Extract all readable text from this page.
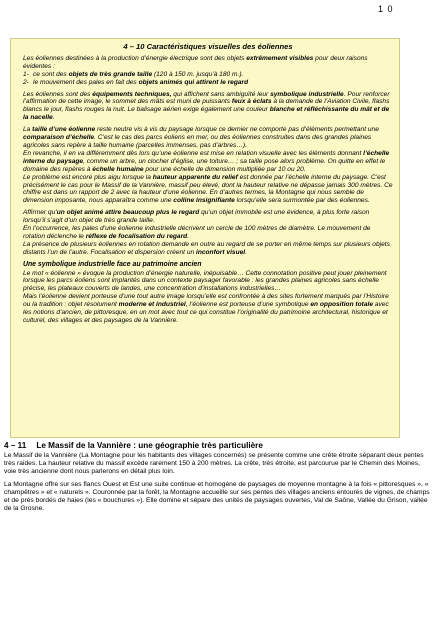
1 0
4 – 10 Caractéristiques visuelles des éoliennes

Les éoliennes destinées à la production d’énergie électrique sont des objets extrêmement visibles pour deux raisons évidentes :

1- ce sont des objets de très grande taille (120 à 150 m. jusqu’à 180 m.).
2- le mouvement des pales en fait des objets animés qui attirent le regard

Les éoliennes sont des équipements techniques, qui affichent sans ambiguïté leur symbolique industrielle. Pour renforcer l’affirmation de cette image, le sommet des mâts est muni de puissants feux à éclats à la demande de l’Aviation Civile, flashs blancs le jour, flashs rouges la nuit. Le balisage aérien exige également une couleur blanche et réfléchissante du mât et de la nacelle.

La taille d’une éolienne reste neutre vis à vis du paysage lorsque ce dernier ne comporte pas d’éléments permettant une comparaison d’échelle. C’est le cas des parcs éoliens en mer, ou des éoliennes construites dans des grandes plaines agricoles sans repère à taille humaine (parcelles immenses, pas d’arbres…).

En revanche, il en va différemment dès lors qu’une éolienne est mise en relation visuelle avec les éléments donnant l’échelle interne du paysage, comme un arbre, un clocher d’église, une toiture… ; sa taille pose alors problème. On quitte en effet le domaine des repères à échelle humaine pour une échelle de dimension multipliée par 10 ou 20.

Le problème est encore plus aigu lorsque la hauteur apparente du relief est donnée par l’échelle interne du paysage. C’est précisément le cas pour le Massif de la Vannière, massif peu élevé, dont la hauteur relative ne dépasse jamais 300 mètres. Ce chiffre est dans un rapport de 2 avec la hauteur d’une éolienne. En d’autres termes, la Montagne qui nous semble de dimension imposante, nous apparaîtra comme une colline insignifiante lorsqu’elle sera surmontée par des éoliennes.

Affirmer qu’un objet animé attire beaucoup plus le regard qu’un objet immobile est une évidence, à plus forte raison lorsqu’il s’agit d’un objet de très grande taille.

En l’occurrence, les pales d’une éolienne industrielle décrivent un cercle de 100 mètres de diamètre. Le mouvement de rotation déclenche le réflexe de focalisation du regard.

La présence de plusieurs éoliennes en rotation demande en outre au regard de se porter en même temps sur plusieurs objets distants l’un de l’autre. Focalisation et dispersion créent un inconfort visuel.

Une symbolique industrielle face au patrimoine ancien

Le mot « éolienne » évoque la production d’énergie naturelle, inépuisable… Cette connotation positive peut jouer pleinement lorsque les parcs éoliens sont implantés dans un contexte paysager favorable : les grandes plaines agricoles sans échelle précise, les plateaux couverts de landes, une concentration d’installations industrielles…

Mais l’éolienne devient porteuse d’une tout autre image lorsqu’elle est confrontée à des sites fortement marqués par l’Histoire ou la tradition : objet résolument moderne et industriel, l’éolienne est porteuse d’une symbolique en opposition totale avec les notions d’ancien, de pittoresque, en un mot avec tout ce qui constitue l’originalité du patrimoine architectural, historique et culturel, des villages et des paysages de la Vannière.

4 – 11 Le Massif de la Vannière : une géographie très particulière

Le Massif de la Vannière (La Montagne pour les habitants des villages concernés) se présente comme une crête étroite séparant deux pentes très raides. La hauteur relative du massif excède rarement 150 à 200 mètres. La crête, très étroite, est parcourue par le Chemin des Moines, voie très ancienne dont nous parlerons en détail plus loin.

La Montagne offre sur ses flancs Ouest et Est une suite continue et homogène de paysages de moyenne montagne à la fois « pittoresques », « champêtres » et « naturels ». Couronnée par la forêt, la Montagne accueille sur ses pentes des villages anciens entourés de vignes, de champs et de prés bordés de haies (les « bouchures »). Elle domine et sépare des unités de paysages ouvertes, Val de Saône, Vallée du Grison, vallée de la Grosne.
